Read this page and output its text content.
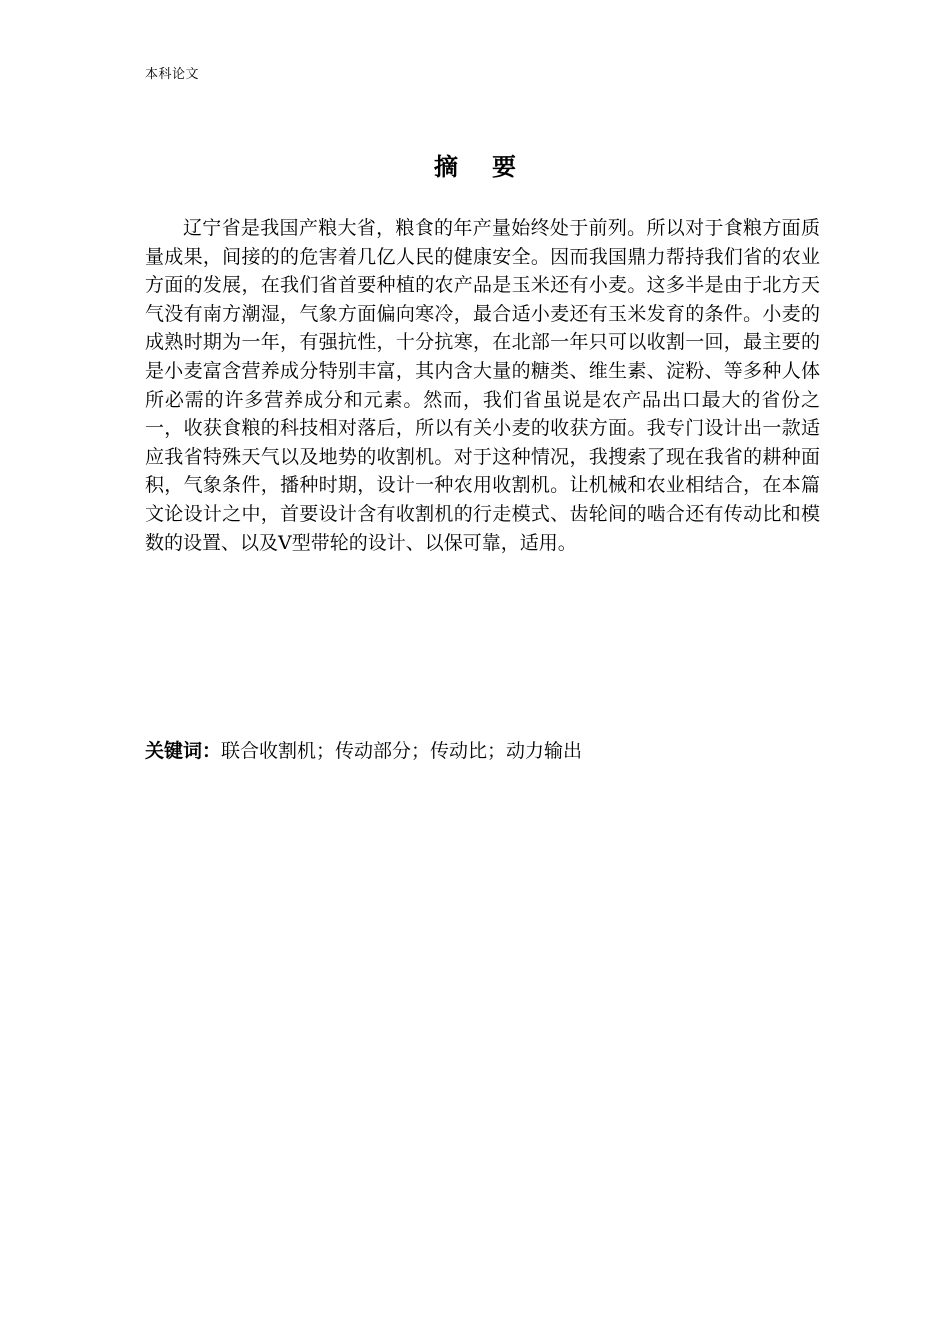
本科论文
摘要
辽宁省是我国产粮大省，粮食的年产量始终处于前列。所以对于食粮方面质量成果，间接的的危害着几亿人民的健康安全。因而我国鼎力帮持我们省的农业方面的发展，在我们省首要种植的农产品是玉米还有小麦。这多半是由于北方天气没有南方潮湿，气象方面偏向寒冷，最合适小麦还有玉米发育的条件。小麦的成熟时期为一年，有强抗性，十分抗寒，在北部一年只可以收割一回，最主要的是小麦富含营养成分特别丰富，其内含大量的糖类、维生素、淀粉、等多种人体所必需的许多营养成分和元素。然而，我们省虽说是农产品出口最大的省份之一，收获食粮的科技相对落后，所以有关小麦的收获方面。我专门设计出一款适应我省特殊天气以及地势的收割机。对于这种情况，我搜索了现在我省的耕种面积，气象条件，播种时期，设计一种农用收割机。让机械和农业相结合，在本篇文论设计之中，首要设计含有收割机的行走模式、齿轮间的啮合还有传动比和模数的设置、以及V型带轮的设计、以保可靠，适用。
关键词：联合收割机；传动部分；传动比；动力输出
